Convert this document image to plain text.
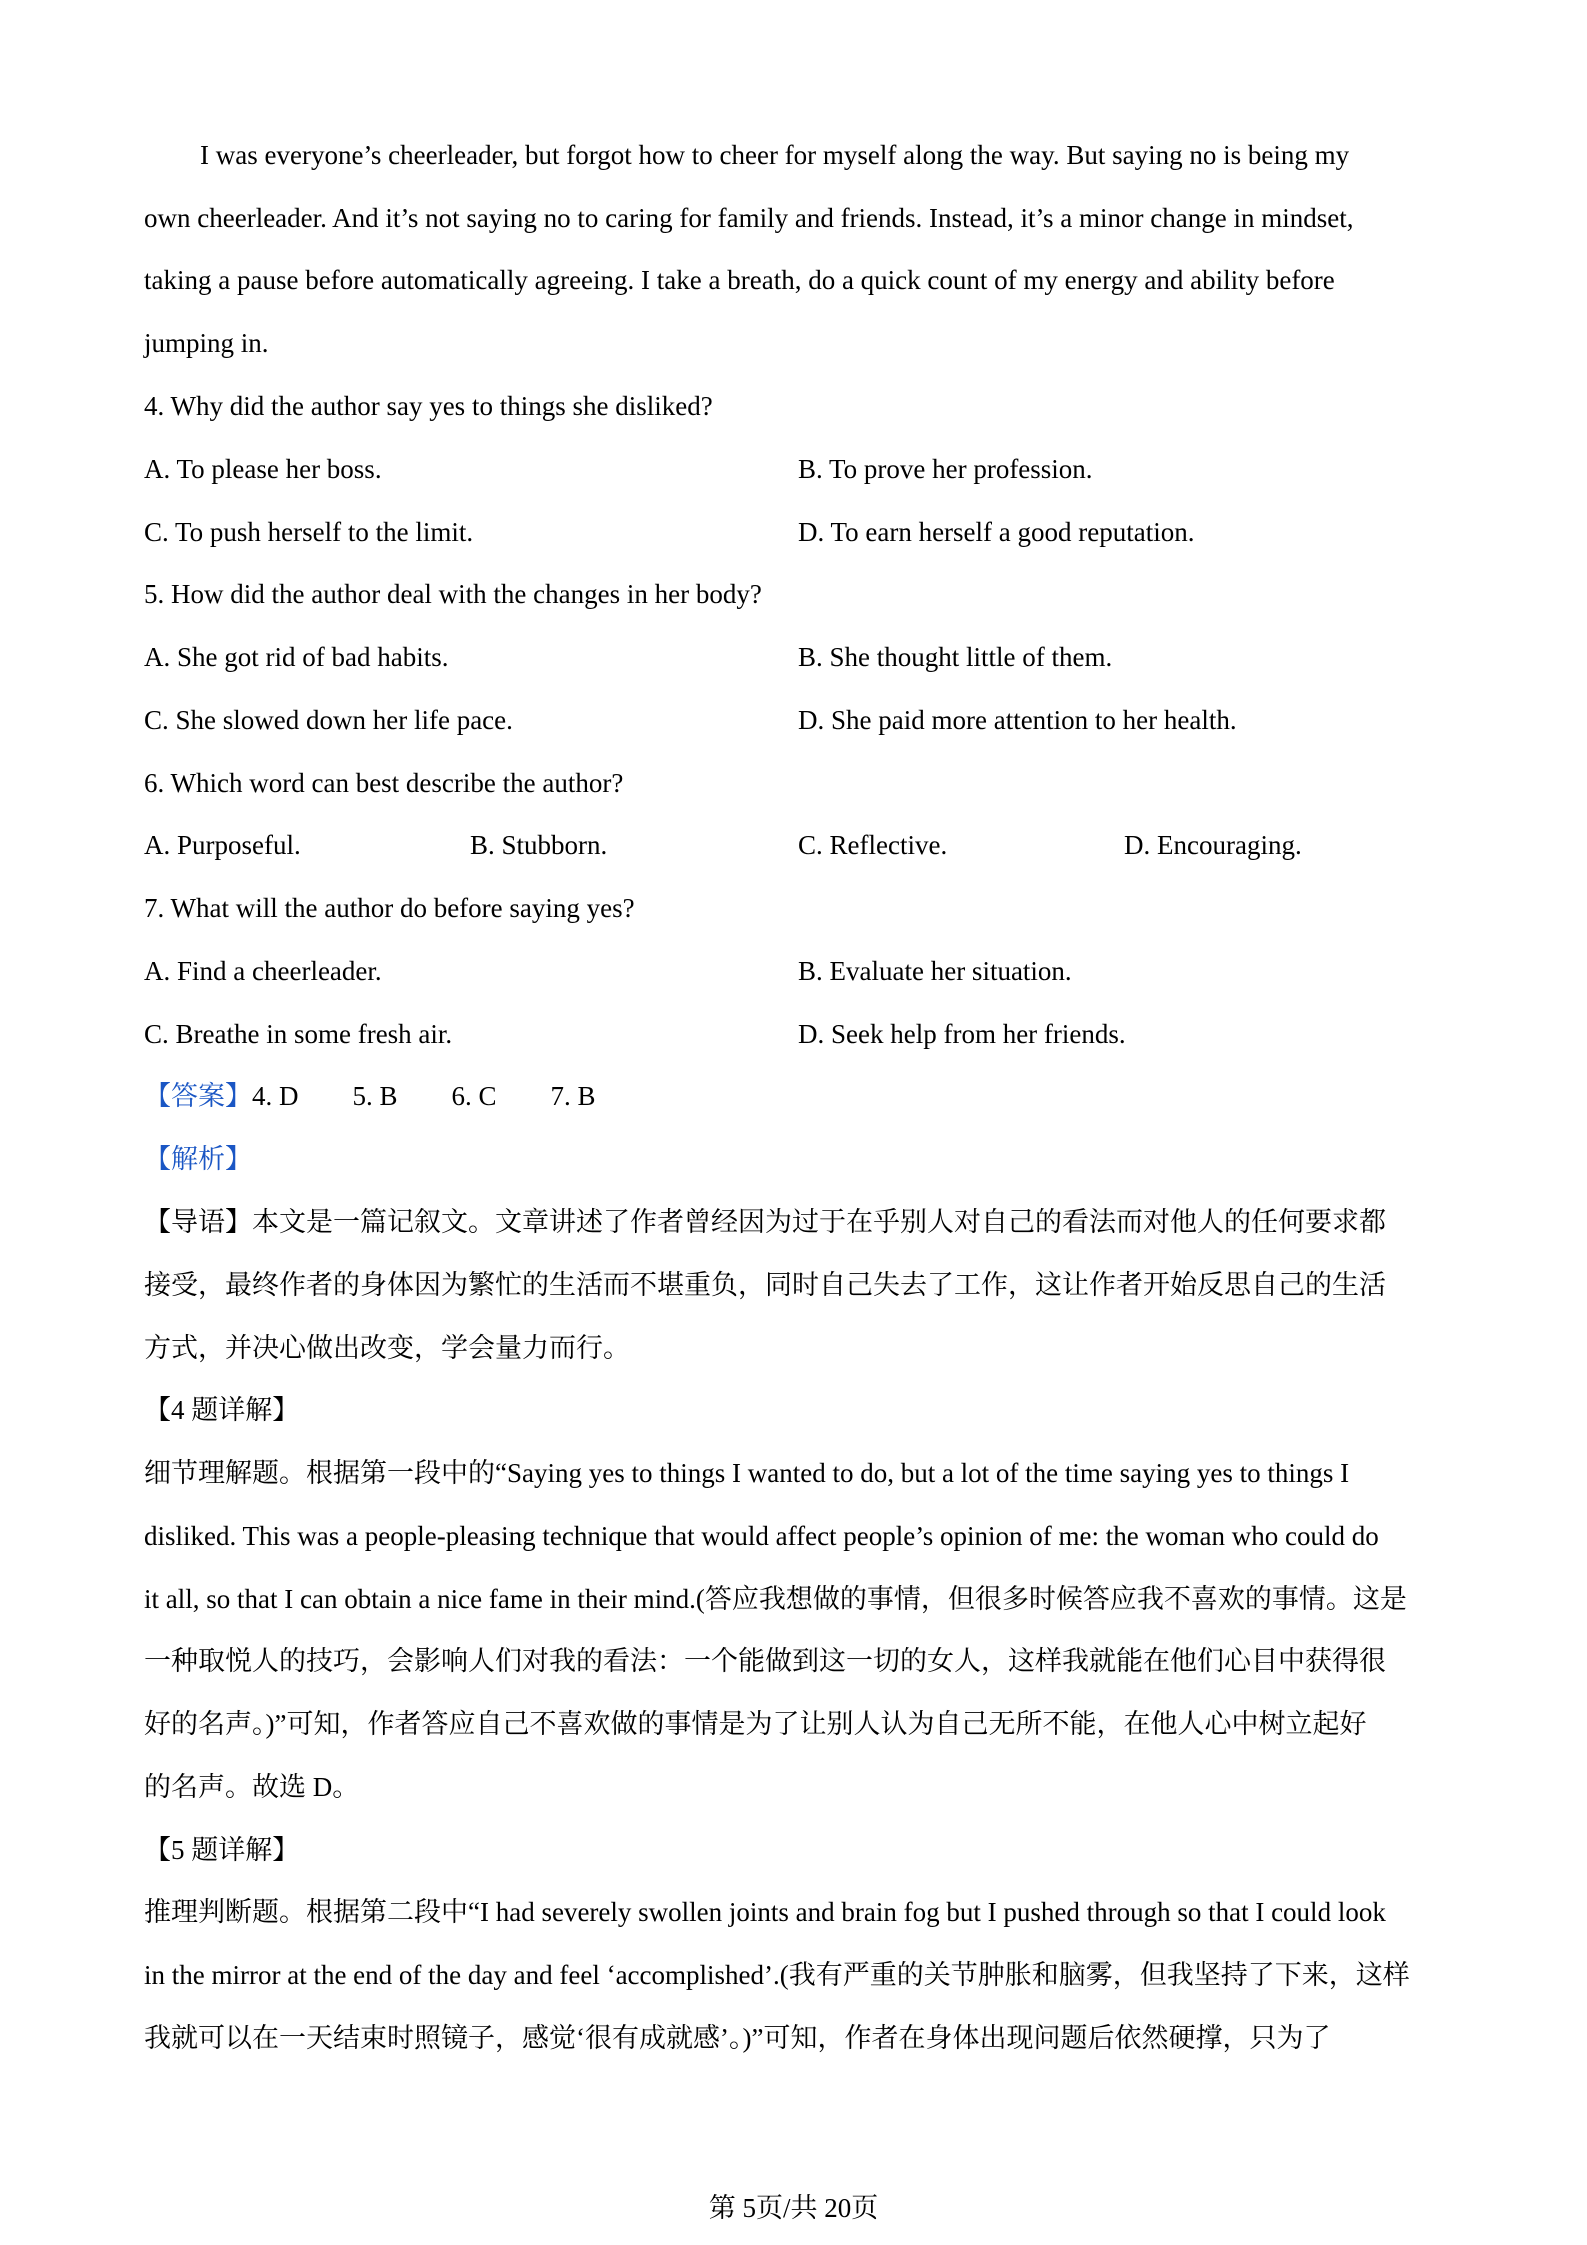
I was everyone’s cheerleader, but forgot how to cheer for myself along the way. But saying no is being my
own cheerleader. And it’s not saying no to caring for family and friends. Instead, it’s a minor change in mindset,
taking a pause before automatically agreeing. I take a breath, do a quick count of my energy and ability before
jumping in.
4. Why did the author say yes to things she disliked?
A. To please her boss.	B. To prove her profession.
C. To push herself to the limit.	D. To earn herself a good reputation.
5. How did the author deal with the changes in her body?
A. She got rid of bad habits.	B. She thought little of them.
C. She slowed down her life pace.	D. She paid more attention to her health.
6. Which word can best describe the author?
A. Purposeful.	B. Stubborn.	C. Reflective.	D. Encouraging.
7. What will the author do before saying yes?
A. Find a cheerleader.	B. Evaluate her situation.
C. Breathe in some fresh air.	D. Seek help from her friends.
【答案】4. D 5. B 6. C 7. B
【解析】
【导语】本文是一篇记叙文。文章讲述了作者曾经因为过于在乎别人对自己的看法而对他人的任何要求都
接受，最终作者的身体因为繁忙的生活而不堪重负，同时自己失去了工作，这让作者开始反思自己的生活
方式，并决心做出改变，学会量力而行。
【4 题详解】
细节理解题。根据第一段中的“Saying yes to things I wanted to do, but a lot of the time saying yes to things I
disliked. This was a people-pleasing technique that would affect people’s opinion of me: the woman who could do
it all, so that I can obtain a nice fame in their mind.(答应我想做的事情，但很多时候答应我不喜欢的事情。这是
一种取悦人的技巧，会影响人们对我的看法：一个能做到这一切的女人，这样我就能在他们心目中获得很
好的名声。)”可知，作者答应自己不喜欢做的事情是为了让别人认为自己无所不能，在他人心中树立起好
的名声。故选 D。
【5 题详解】
推理判断题。根据第二段中“I had severely swollen joints and brain fog but I pushed through so that I could look
in the mirror at the end of the day and feel ‘accomplished’.(我有严重的关节肿胀和脑雾，但我坚持了下来，这样
我就可以在一天结束时照镜子，感觉‘很有成就感’。)”可知，作者在身体出现问题后依然硬撑，只为了
第 5页/共 20页
